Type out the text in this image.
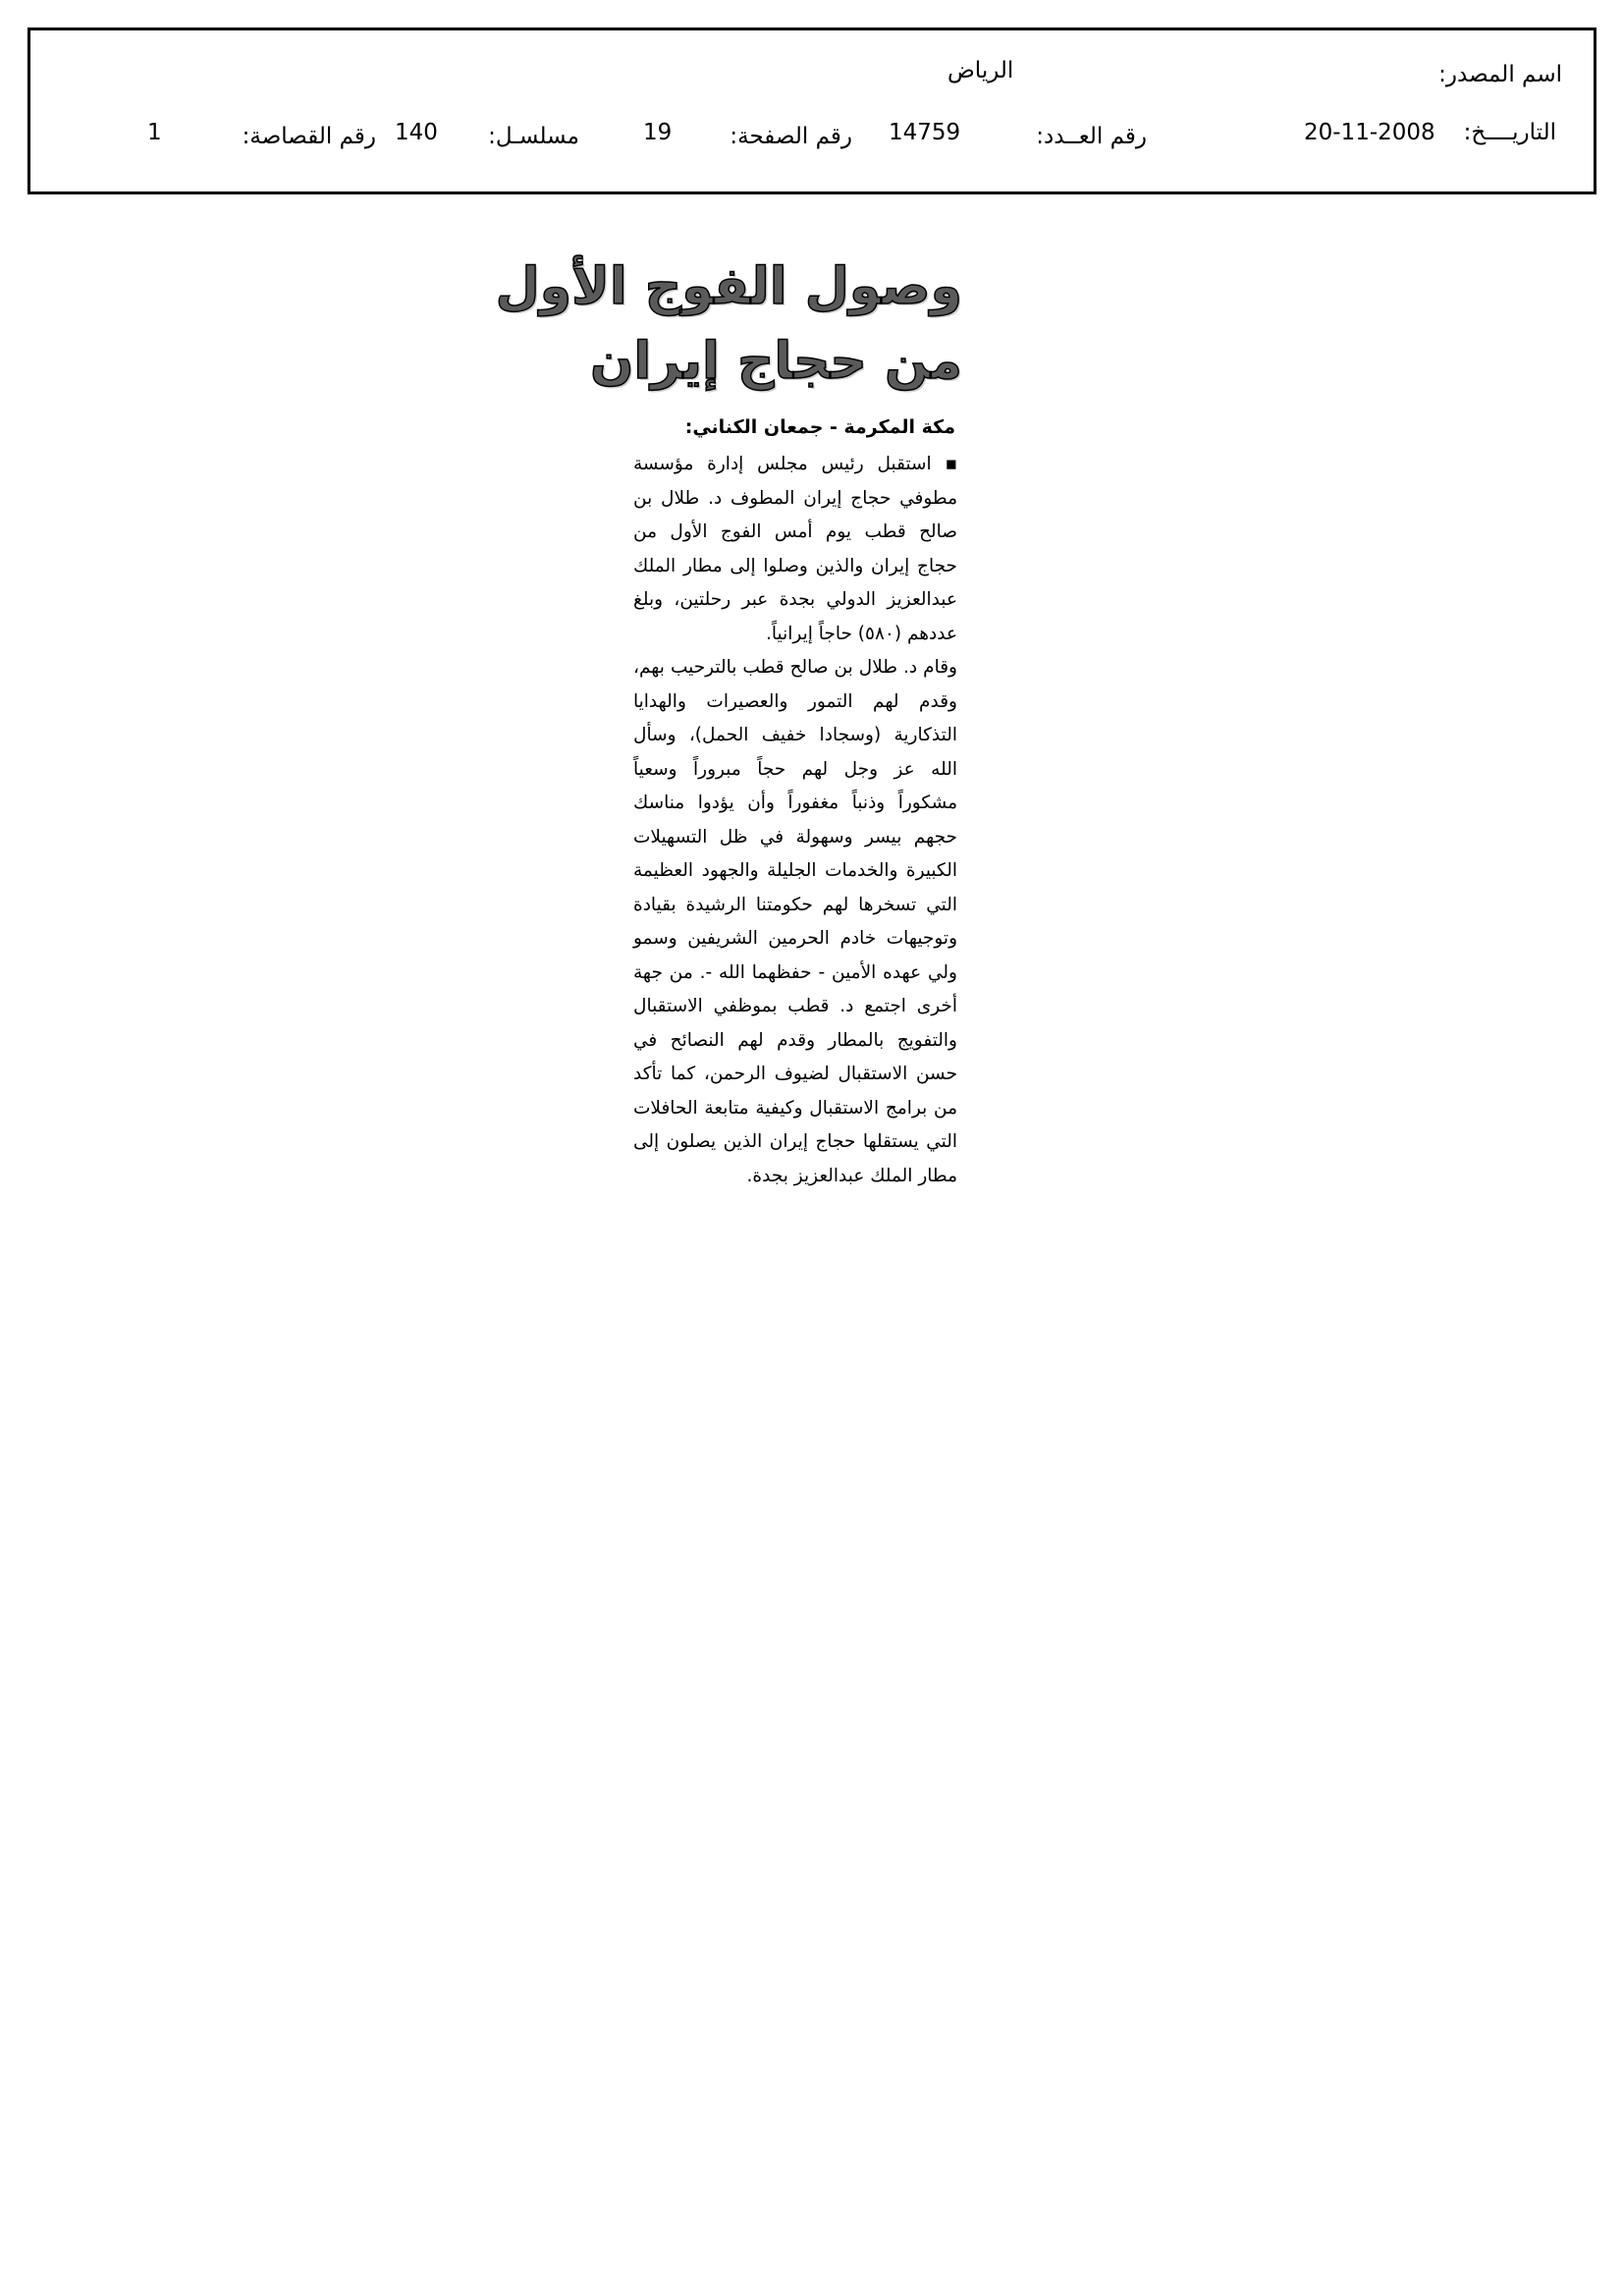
اسم المصدر:
الرياض
التاريــــخ:
20-11-2008
رقم العــدد:
14759
رقم الصفحة:
19
مسلسـل:
140
رقم القصاصة:
1
وصول الفوج الأول
من حجاج إيران
مكة المكرمة - جمعان الكناني:

▪ استقبل رئيس مجلس إدارة مؤسسة مطوفي حجاج إيران المطوف د. طلال بن صالح قطب يوم أمس الفوج الأول من حجاج إيران والذين وصلوا إلى مطار الملك عبدالعزيز الدولي بجدة عبر رحلتين، وبلغ عددهم (٥٨٠) حاجاً إيرانياً.

وقام د. طلال بن صالح قطب بالترحيب بهم، وقدم لهم التمور والعصيرات والهدايا التذكارية (وسجادا خفيف الحمل)، وسأل الله عز وجل لهم حجاً مبروراً وسعياً مشكوراً وذنباً مغفوراً وأن يؤدوا مناسك حجهم بيسر وسهولة في ظل التسهيلات الكبيرة والخدمات الجليلة والجهود العظيمة التي تسخرها لهم حكومتنا الرشيدة بقيادة وتوجيهات خادم الحرمين الشريفين وسمو ولي عهده الأمين - حفظهما الله -. من جهة أخرى اجتمع د. قطب بموظفي الاستقبال والتفويج بالمطار وقدم لهم النصائح في حسن الاستقبال لضيوف الرحمن، كما تأكد من برامج الاستقبال وكيفية متابعة الحافلات التي يستقلها حجاج إيران الذين يصلون إلى مطار الملك عبدالعزيز بجدة.
